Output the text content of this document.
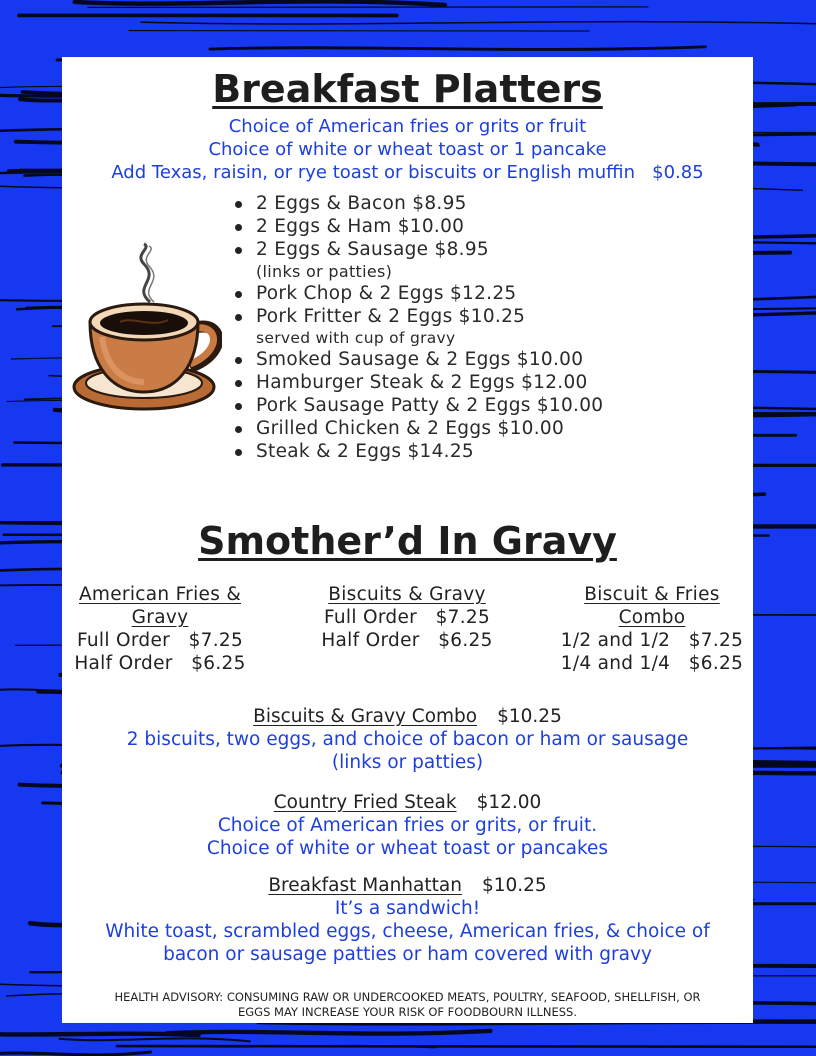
Breakfast Platters
Choice of American fries or grits or fruit
Choice of white or wheat toast or 1 pancake
Add Texas, raisin, or rye toast or biscuits or English muffin   $0.85
2 Eggs & Bacon $8.95
2 Eggs & Ham $10.00
2 Eggs & Sausage $8.95
(links or patties)
Pork Chop & 2 Eggs $12.25
Pork Fritter & 2 Eggs $10.25
served with cup of gravy
Smoked Sausage & 2 Eggs $10.00
Hamburger Steak & 2 Eggs $12.00
Pork Sausage Patty & 2 Eggs $10.00
Grilled Chicken & 2 Eggs $10.00
Steak & 2 Eggs $14.25
Smother’d In Gravy
American Fries &
Gravy
Full Order   $7.25
Half Order   $6.25
Biscuits & Gravy
Full Order   $7.25
Half Order   $6.25
Biscuit & Fries
Combo
1/2 and 1/2   $7.25
1/4 and 1/4   $6.25
Biscuits & Gravy Combo $10.25
2 biscuits, two eggs, and choice of bacon or ham or sausage
(links or patties)
Country Fried Steak $12.00
Choice of American fries or grits, or fruit.
Choice of white or wheat toast or pancakes
Breakfast Manhattan $10.25
It’s a sandwich!
White toast, scrambled eggs, cheese, American fries, & choice of
bacon or sausage patties or ham covered with gravy
HEALTH ADVISORY: CONSUMING RAW OR UNDERCOOKED MEATS, POULTRY, SEAFOOD, SHELLFISH, OR
EGGS MAY INCREASE YOUR RISK OF FOODBOURN ILLNESS.
